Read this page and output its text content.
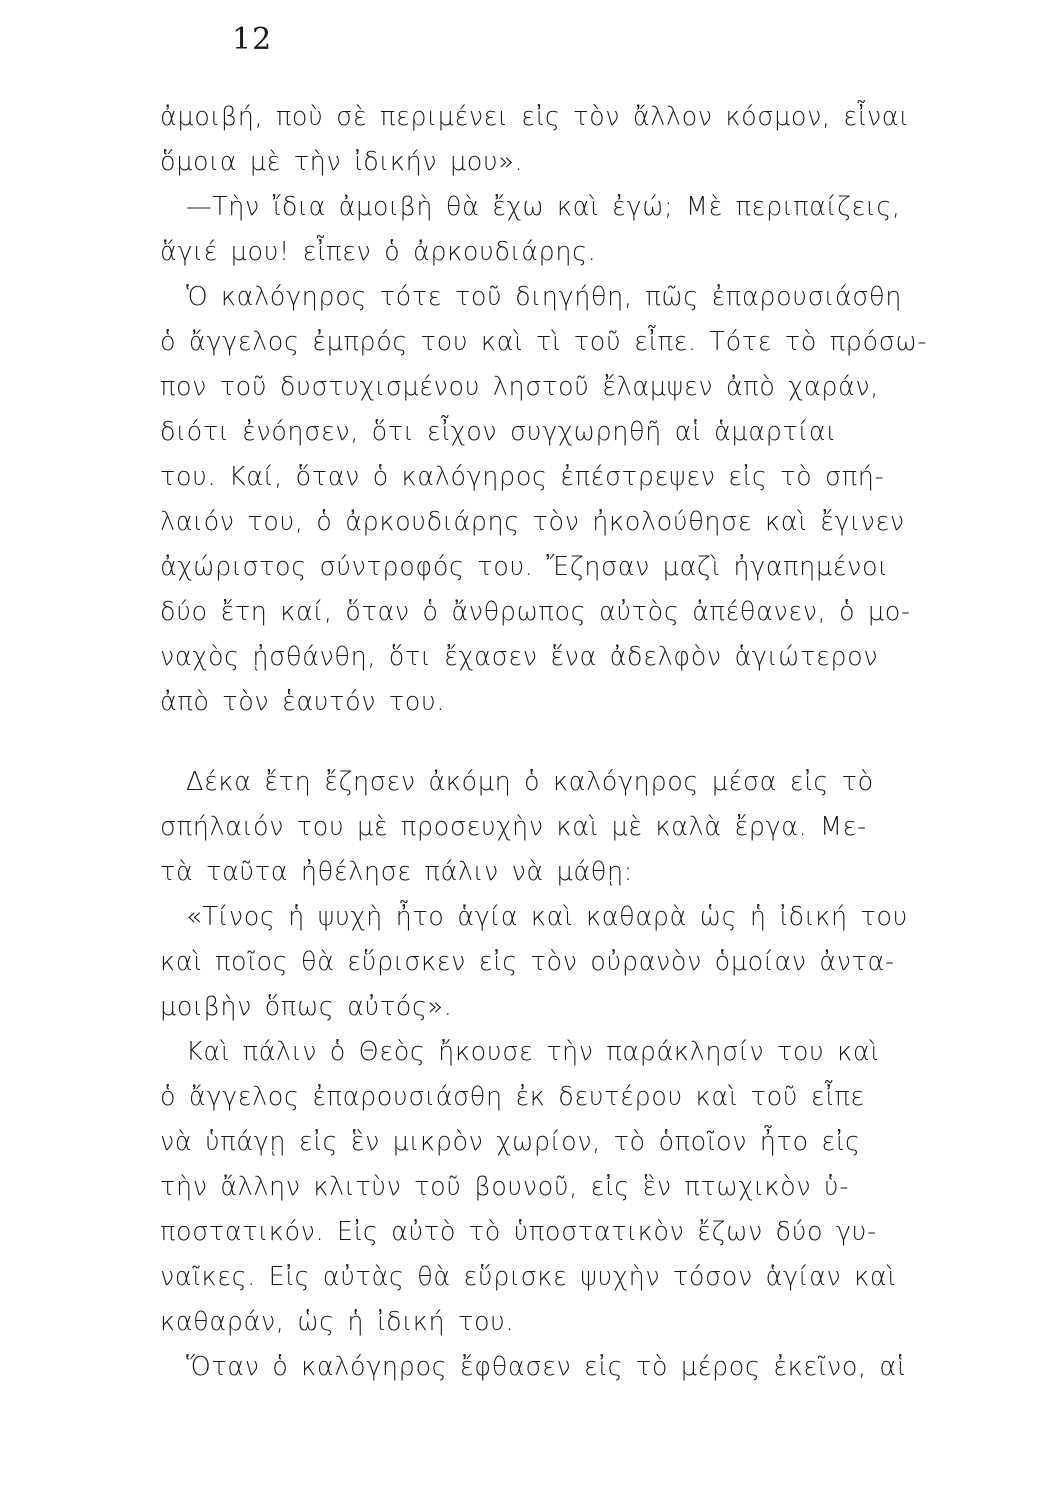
12
ἀμοιβή, ποὺ σὲ περιμένει εἰς τὸν ἄλλον κόσμον, εἶναι
ὅμοια μὲ τὴν ἰδικήν μου».
—Τὴν ἴδια ἀμοιβὴ θὰ ἔχω καὶ ἐγώ; Μὲ περιπαίζεις,
ἅγιέ μου! εἶπεν ὁ ἀρκουδιάρης.
Ὁ καλόγηρος τότε τοῦ διηγήθη, πῶς ἐπαρουσιάσθη
ὁ ἄγγελος ἐμπρός του καὶ τὶ τοῦ εἶπε. Τότε τὸ πρόσω-
πον τοῦ δυστυχισμένου ληστοῦ ἔλαμψεν ἀπὸ χαράν,
διότι ἐνόησεν, ὅτι εἶχον συγχωρηθῆ αἱ ἁμαρτίαι
του. Καί, ὅταν ὁ καλόγηρος ἐπέστρεψεν εἰς τὸ σπή-
λαιόν του, ὁ ἀρκουδιάρης τὸν ἠκολούθησε καὶ ἔγινεν
ἀχώριστος σύντροφός του. Ἔζησαν μαζὶ ἠγαπημένοι
δύο ἔτη καί, ὅταν ὁ ἄνθρωπος αὐτὸς ἀπέθανεν, ὁ μο-
ναχὸς ᾐσθάνθη, ὅτι ἔχασεν ἕνα ἀδελφὸν ἁγιώτερον
ἀπὸ τὸν ἑαυτόν του.
Δέκα ἔτη ἔζησεν ἀκόμη ὁ καλόγηρος μέσα εἰς τὸ
σπήλαιόν του μὲ προσευχὴν καὶ μὲ καλὰ ἔργα. Με-
τὰ ταῦτα ἠθέλησε πάλιν νὰ μάθῃ:
«Τίνος ἡ ψυχὴ ἦτο ἁγία καὶ καθαρὰ ὡς ἡ ἰδική του
καὶ ποῖος θὰ εὕρισκεν εἰς τὸν οὐρανὸν ὁμοίαν ἀντα-
μοιβὴν ὅπως αὐτός».
Καὶ πάλιν ὁ Θεὸς ἤκουσε τὴν παράκλησίν του καὶ
ὁ ἄγγελος ἐπαρουσιάσθη ἐκ δευτέρου καὶ τοῦ εἶπε
νὰ ὑπάγῃ εἰς ἓν μικρὸν χωρίον, τὸ ὁποῖον ἦτο εἰς
τὴν ἄλλην κλιτὺν τοῦ βουνοῦ, εἰς ἓν πτωχικὸν ὑ-
ποστατικόν. Εἰς αὐτὸ τὸ ὑποστατικὸν ἔζων δύο γυ-
ναῖκες. Εἰς αὐτὰς θὰ εὕρισκε ψυχὴν τόσον ἁγίαν καὶ
καθαράν, ὡς ἡ ἰδική του.
Ὅταν ὁ καλόγηρος ἔφθασεν εἰς τὸ μέρος ἐκεῖνο, αἱ
